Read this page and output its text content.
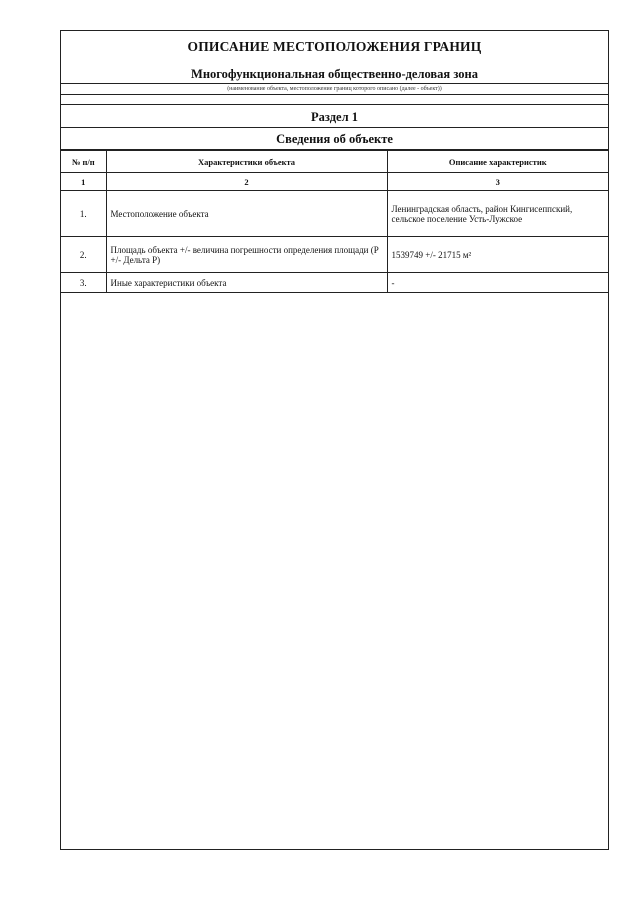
ОПИСАНИЕ МЕСТОПОЛОЖЕНИЯ ГРАНИЦ
Многофункциональная общественно-деловая зона
(наименование объекта, местоположение границ которого описано (далее - объект))
Раздел 1
Сведения об объекте
№ п/п	Характеристики объекта	Описание характеристик
1	2	3
1.	Местоположение объекта	Ленинградская область, район Кингисеппский, сельское поселение Усть-Лужское
2.	Площадь объекта +/- величина погрешности определения площади (P +/- Дельта P)	1539749 +/- 21715 м²
3.	Иные характеристики объекта	-
